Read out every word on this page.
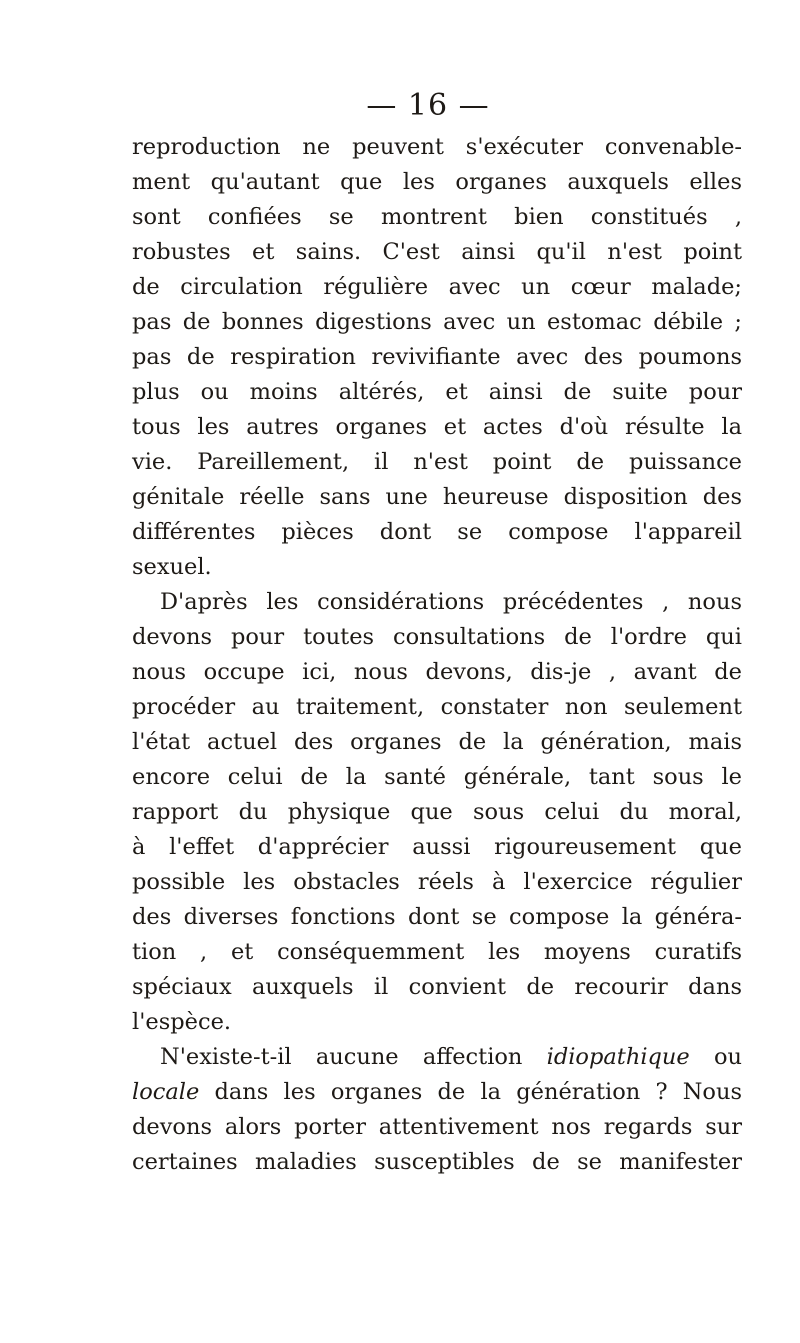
— 16 —
reproduction ne peuvent s'exécuter convenable-
ment qu'autant que les organes auxquels elles
sont confiées se montrent bien constitués ,
robustes et sains. C'est ainsi qu'il n'est point
de circulation régulière avec un cœur malade;
pas de bonnes digestions avec un estomac débile ;
pas de respiration revivifiante avec des poumons
plus ou moins altérés, et ainsi de suite pour
tous les autres organes et actes d'où résulte la
vie. Pareillement, il n'est point de puissance
génitale réelle sans une heureuse disposition des
différentes pièces dont se compose l'appareil
sexuel.
D'après les considérations précédentes , nous
devons pour toutes consultations de l'ordre qui
nous occupe ici, nous devons, dis-je , avant de
procéder au traitement, constater non seulement
l'état actuel des organes de la génération, mais
encore celui de la santé générale, tant sous le
rapport du physique que sous celui du moral,
à l'effet d'apprécier aussi rigoureusement que
possible les obstacles réels à l'exercice régulier
des diverses fonctions dont se compose la généra-
tion , et conséquemment les moyens curatifs
spéciaux auxquels il convient de recourir dans
l'espèce.
N'existe-t-il aucune affection idiopathique ou
locale dans les organes de la génération ? Nous
devons alors porter attentivement nos regards sur
certaines maladies susceptibles de se manifester
